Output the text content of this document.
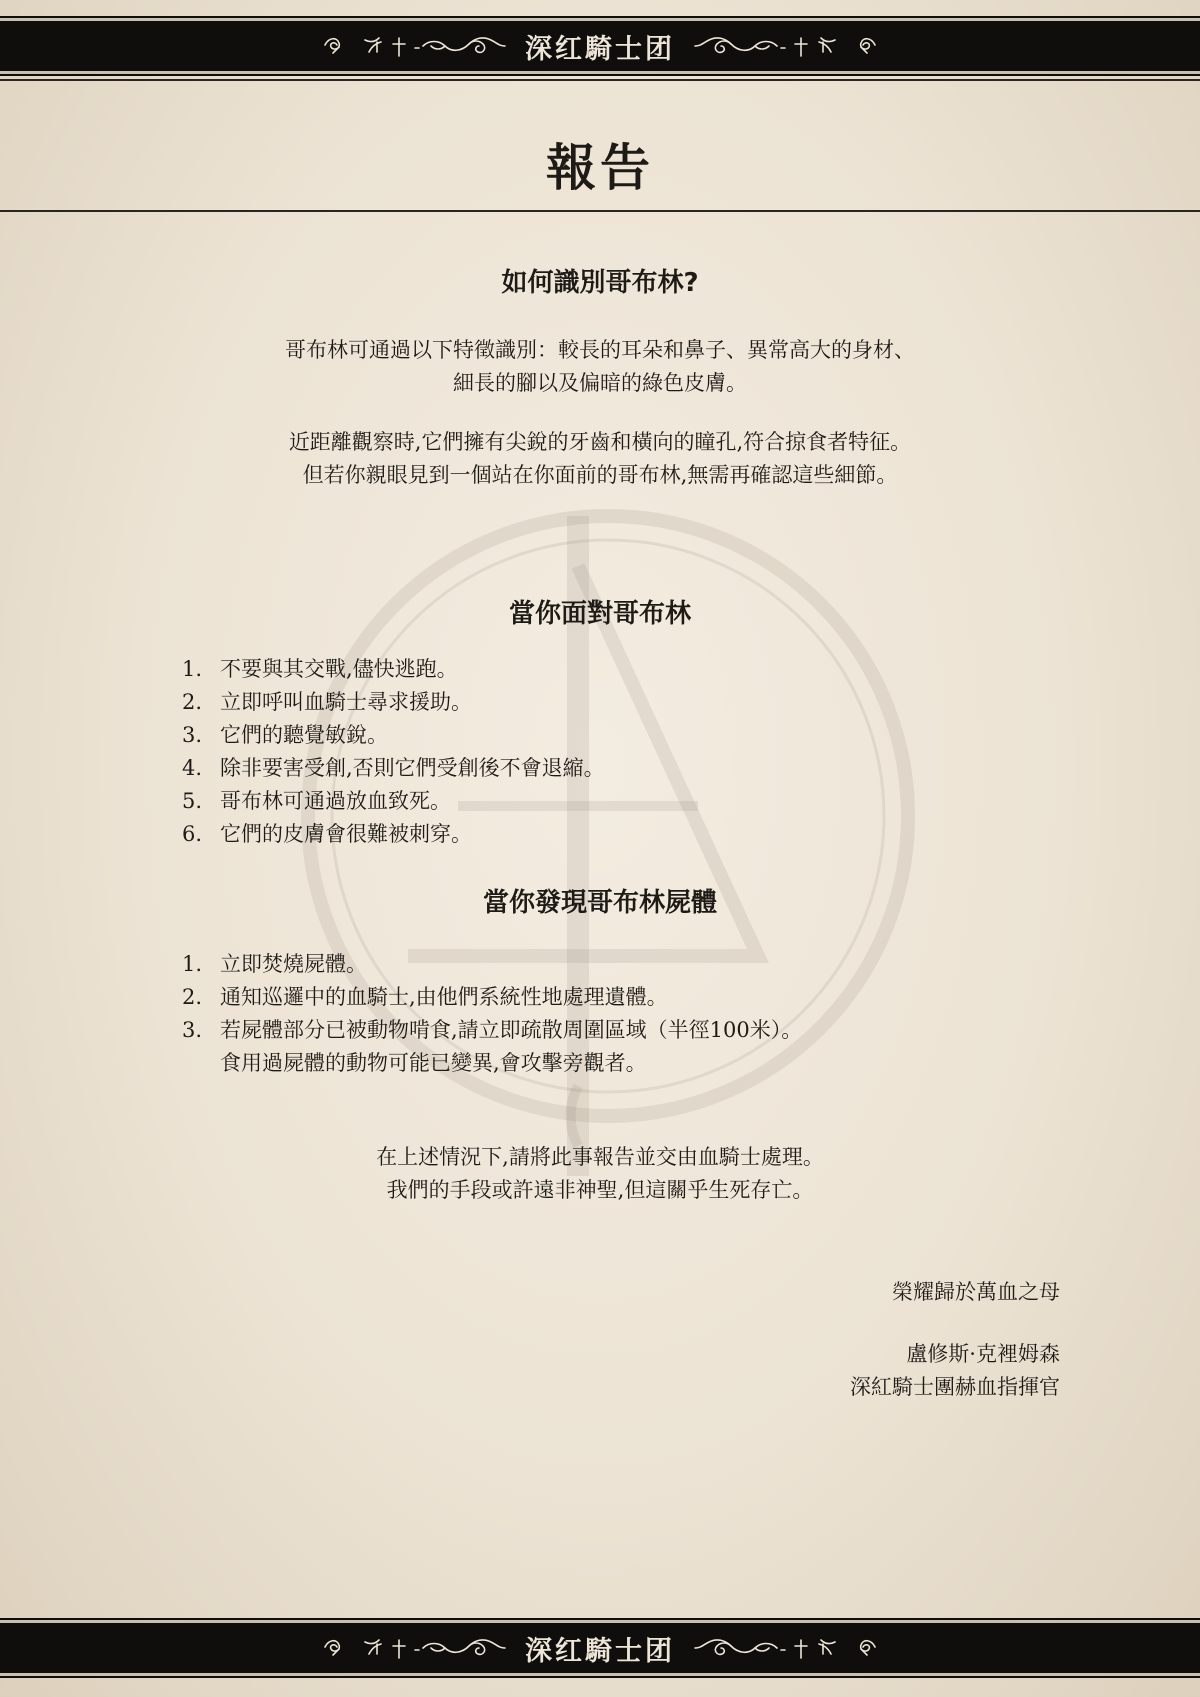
深红騎士团
報告
如何識別哥布林?
哥布林可通過以下特徵識別：較長的耳朵和鼻子、異常高大的身材、
細長的腳以及偏暗的綠色皮膚。
近距離觀察時,它們擁有尖銳的牙齒和橫向的瞳孔,符合掠食者特征。
但若你親眼見到一個站在你面前的哥布林,無需再確認這些細節。
當你面對哥布林
1. 不要與其交戰,儘快逃跑。
2. 立即呼叫血騎士尋求援助。
3. 它們的聽覺敏銳。
4. 除非要害受創,否則它們受創後不會退縮。
5. 哥布林可通過放血致死。
6. 它們的皮膚會很難被刺穿。
當你發現哥布林屍體
1. 立即焚燒屍體。
2. 通知巡邏中的血騎士,由他們系統性地處理遺體。
3. 若屍體部分已被動物啃食,請立即疏散周圍區域（半徑100米）。
食用過屍體的動物可能已變異,會攻擊旁觀者。
在上述情況下,請將此事報告並交由血騎士處理。
我們的手段或許遠非神聖,但這關乎生死存亡。
榮耀歸於萬血之母
盧修斯·克裡姆森
深紅騎士團赫血指揮官
深红騎士团
